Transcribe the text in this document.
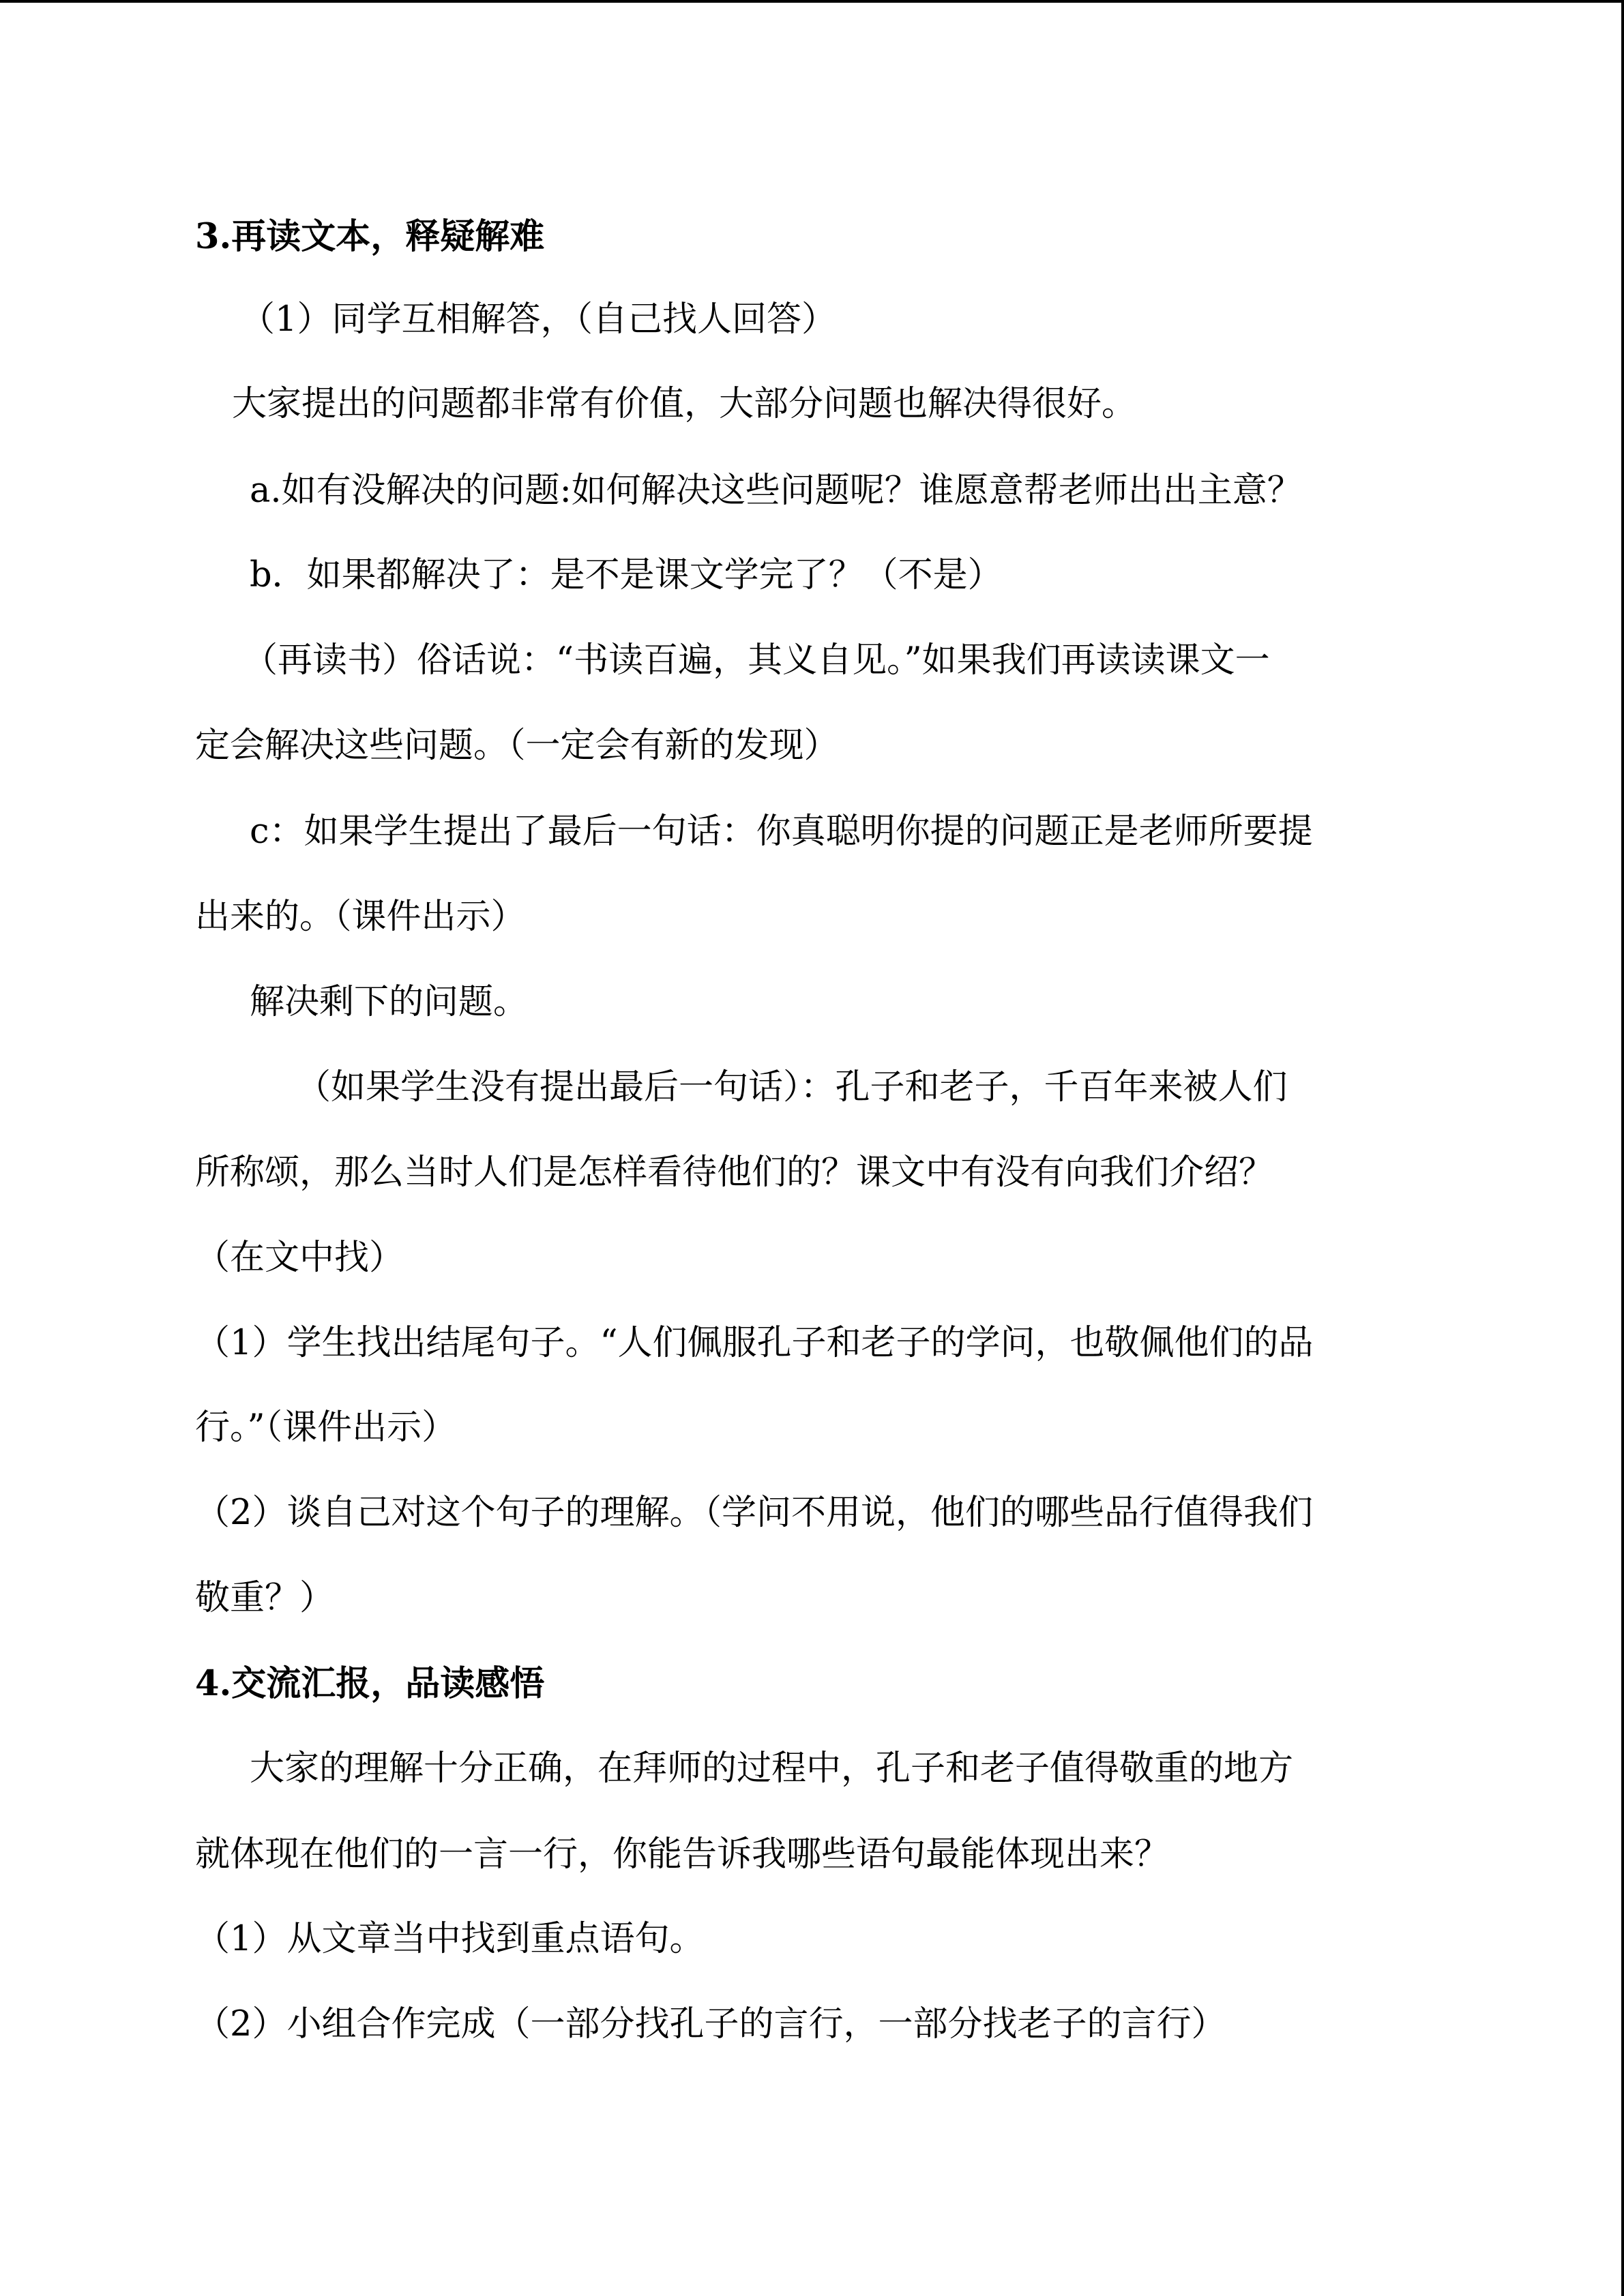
3.再读文本，释疑解难
（1）同学互相解答，（自己找人回答）
大家提出的问题都非常有价值，大部分问题也解决得很好。
a.如有没解决的问题:如何解决这些问题呢？谁愿意帮老师出出主意？
b．如果都解决了：是不是课文学完了？（不是）
（再读书）俗话说：“书读百遍，其义自见。”如果我们再读读课文一
定会解决这些问题。（一定会有新的发现）
c：如果学生提出了最后一句话：你真聪明你提的问题正是老师所要提
出来的。（课件出示）
解决剩下的问题。
（如果学生没有提出最后一句话）：孔子和老子，千百年来被人们
所称颂，那么当时人们是怎样看待他们的？课文中有没有向我们介绍？
（在文中找）
（1）学生找出结尾句子。“人们佩服孔子和老子的学问，也敬佩他们的品
行。”（课件出示）
（2）谈自己对这个句子的理解。（学问不用说，他们的哪些品行值得我们
敬重？）
4.交流汇报，品读感悟
大家的理解十分正确，在拜师的过程中，孔子和老子值得敬重的地方
就体现在他们的一言一行，你能告诉我哪些语句最能体现出来？
（1）从文章当中找到重点语句。
（2）小组合作完成（一部分找孔子的言行，一部分找老子的言行）
